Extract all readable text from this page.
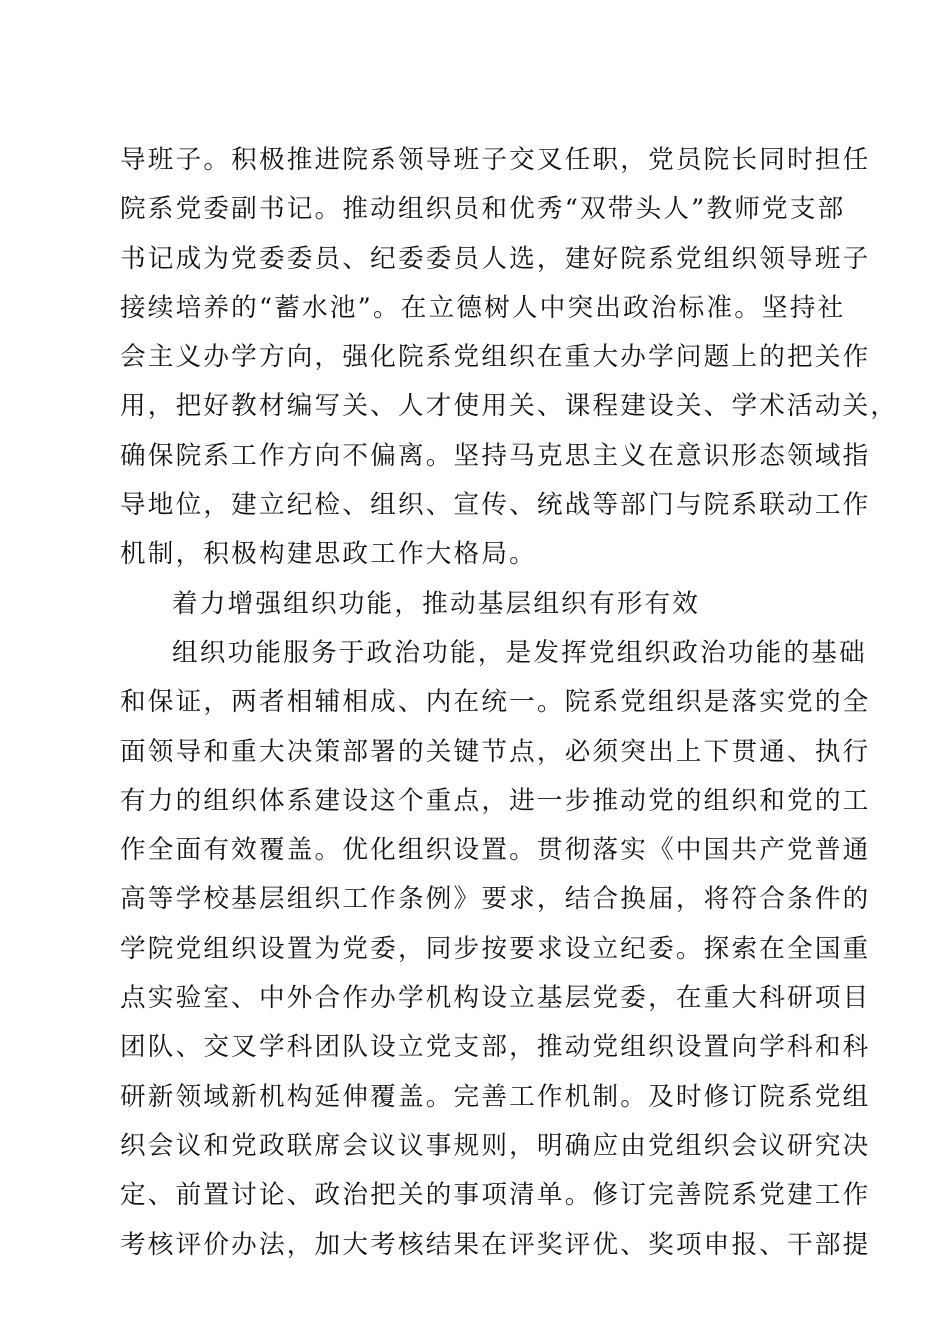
导班子。积极推进院系领导班子交叉任职，党员院长同时担任
院系党委副书记。推动组织员和优秀“双带头人”教师党支部
书记成为党委委员、纪委委员人选，建好院系党组织领导班子
接续培养的“蓄水池”。在立德树人中突出政治标准。坚持社
会主义办学方向，强化院系党组织在重大办学问题上的把关作
用，把好教材编写关、人才使用关、课程建设关、学术活动关，
确保院系工作方向不偏离。坚持马克思主义在意识形态领域指
导地位，建立纪检、组织、宣传、统战等部门与院系联动工作
机制，积极构建思政工作大格局。
着力增强组织功能，推动基层组织有形有效
组织功能服务于政治功能，是发挥党组织政治功能的基础
和保证，两者相辅相成、内在统一。院系党组织是落实党的全
面领导和重大决策部署的关键节点，必须突出上下贯通、执行
有力的组织体系建设这个重点，进一步推动党的组织和党的工
作全面有效覆盖。优化组织设置。贯彻落实《中国共产党普通
高等学校基层组织工作条例》要求，结合换届，将符合条件的
学院党组织设置为党委，同步按要求设立纪委。探索在全国重
点实验室、中外合作办学机构设立基层党委，在重大科研项目
团队、交叉学科团队设立党支部，推动党组织设置向学科和科
研新领域新机构延伸覆盖。完善工作机制。及时修订院系党组
织会议和党政联席会议议事规则，明确应由党组织会议研究决
定、前置讨论、政治把关的事项清单。修订完善院系党建工作
考核评价办法，加大考核结果在评奖评优、奖项申报、干部提
